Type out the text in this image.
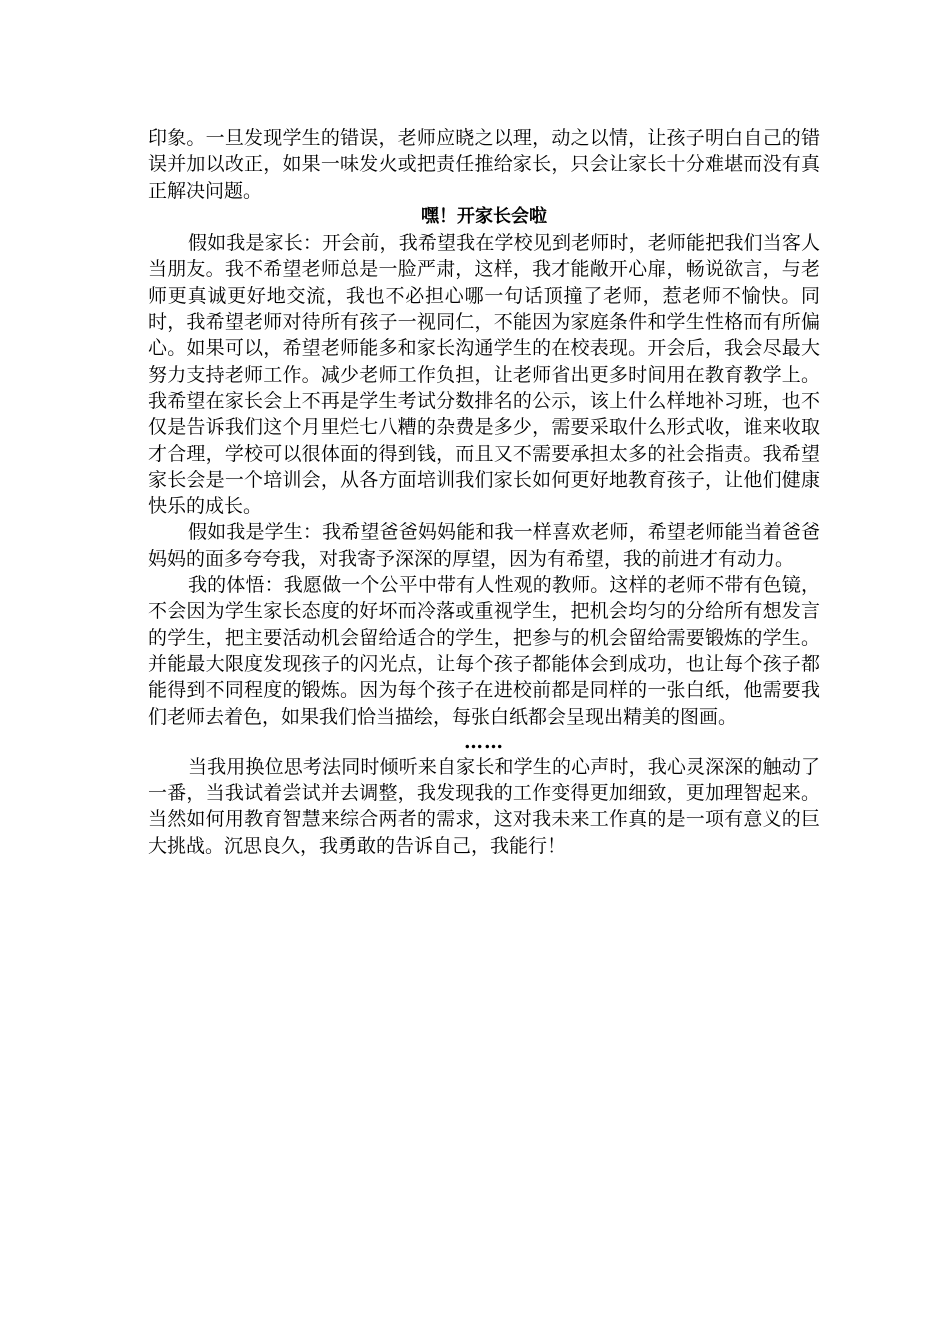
印象。一旦发现学生的错误，老师应晓之以理，动之以情，让孩子明白自己的错误并加以改正，如果一味发火或把责任推给家长，只会让家长十分难堪而没有真正解决问题。

嘿！开家长会啦

假如我是家长：开会前，我希望我在学校见到老师时，老师能把我们当客人当朋友。我不希望老师总是一脸严肃，这样，我才能敞开心扉，畅说欲言，与老师更真诚更好地交流，我也不必担心哪一句话顶撞了老师，惹老师不愉快。同时，我希望老师对待所有孩子一视同仁，不能因为家庭条件和学生性格而有所偏心。如果可以，希望老师能多和家长沟通学生的在校表现。开会后，我会尽最大努力支持老师工作。减少老师工作负担，让老师省出更多时间用在教育教学上。我希望在家长会上不再是学生考试分数排名的公示，该上什么样地补习班，也不仅是告诉我们这个月里烂七八糟的杂费是多少，需要采取什么形式收，谁来收取才合理，学校可以很体面的得到钱，而且又不需要承担太多的社会指责。我希望家长会是一个培训会，从各方面培训我们家长如何更好地教育孩子，让他们健康快乐的成长。

假如我是学生：我希望爸爸妈妈能和我一样喜欢老师，希望老师能当着爸爸妈妈的面多夸夸我，对我寄予深深的厚望，因为有希望，我的前进才有动力。

我的体悟：我愿做一个公平中带有人性观的教师。这样的老师不带有色镜，不会因为学生家长态度的好坏而冷落或重视学生，把机会均匀的分给所有想发言的学生，把主要活动机会留给适合的学生，把参与的机会留给需要锻炼的学生。并能最大限度发现孩子的闪光点，让每个孩子都能体会到成功，也让每个孩子都能得到不同程度的锻炼。因为每个孩子在进校前都是同样的一张白纸，他需要我们老师去着色，如果我们恰当描绘，每张白纸都会呈现出精美的图画。

……

当我用换位思考法同时倾听来自家长和学生的心声时，我心灵深深的触动了一番，当我试着尝试并去调整，我发现我的工作变得更加细致，更加理智起来。当然如何用教育智慧来综合两者的需求，这对我未来工作真的是一项有意义的巨大挑战。沉思良久，我勇敢的告诉自己，我能行！
